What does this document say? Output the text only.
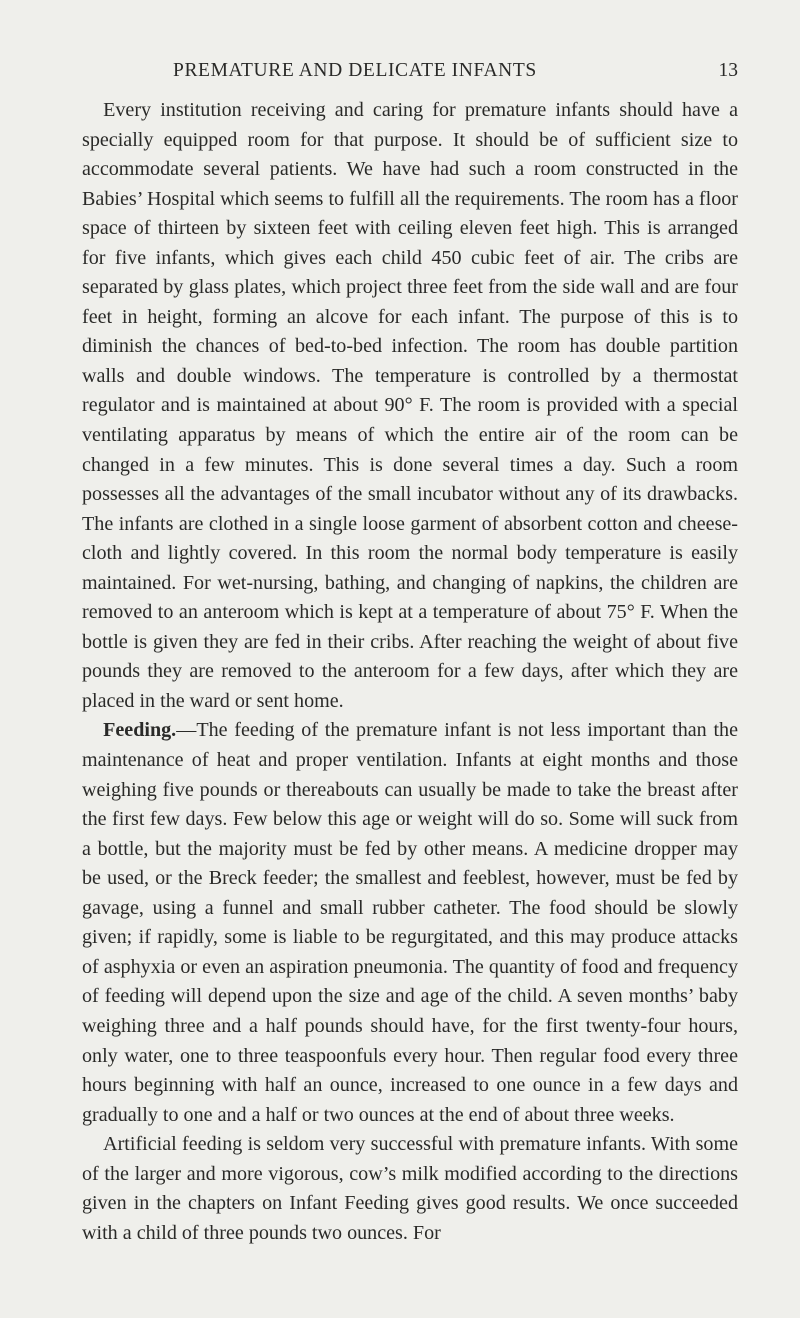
PREMATURE AND DELICATE INFANTS	13

Every institution receiving and caring for premature infants should have a specially equipped room for that purpose. It should be of sufficient size to accommodate several patients. We have had such a room constructed in the Babies’ Hospital which seems to fulfill all the requirements. The room has a floor space of thirteen by sixteen feet with ceiling eleven feet high. This is arranged for five infants, which gives each child 450 cubic feet of air. The cribs are separated by glass plates, which project three feet from the side wall and are four feet in height, forming an alcove for each infant. The purpose of this is to diminish the chances of bed-to-bed infection. The room has double partition walls and double windows. The temperature is controlled by a thermostat regulator and is maintained at about 90° F. The room is provided with a special ventilating apparatus by means of which the entire air of the room can be changed in a few minutes. This is done several times a day. Such a room possesses all the advantages of the small incubator without any of its drawbacks. The infants are clothed in a single loose garment of absorbent cotton and cheese-cloth and lightly covered. In this room the normal body temperature is easily maintained. For wet-nursing, bathing, and changing of napkins, the children are removed to an anteroom which is kept at a temperature of about 75° F. When the bottle is given they are fed in their cribs. After reaching the weight of about five pounds they are removed to the anteroom for a few days, after which they are placed in the ward or sent home.

Feeding.—The feeding of the premature infant is not less important than the maintenance of heat and proper ventilation. Infants at eight months and those weighing five pounds or thereabouts can usually be made to take the breast after the first few days. Few below this age or weight will do so. Some will suck from a bottle, but the majority must be fed by other means. A medicine dropper may be used, or the Breck feeder; the smallest and feeblest, however, must be fed by gavage, using a funnel and small rubber catheter. The food should be slowly given; if rapidly, some is liable to be regurgitated, and this may produce attacks of asphyxia or even an aspiration pneumonia. The quantity of food and frequency of feeding will depend upon the size and age of the child. A seven months’ baby weighing three and a half pounds should have, for the first twenty-four hours, only water, one to three teaspoonfuls every hour. Then regular food every three hours beginning with half an ounce, increased to one ounce in a few days and gradually to one and a half or two ounces at the end of about three weeks.

Artificial feeding is seldom very successful with premature infants. With some of the larger and more vigorous, cow’s milk modified according to the directions given in the chapters on Infant Feeding gives good results. We once succeeded with a child of three pounds two ounces. For
